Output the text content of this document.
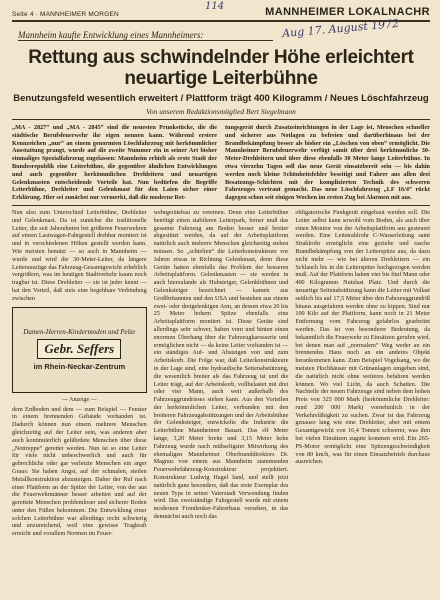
Seite 4 · MANNHEIMER MORGEN	MANNHEIMER LOKALNACHR
114
Aug 17. August 1972
Mannheim kaufte Entwicklung eines Mannheimers:
Rettung aus schwindelnder Höhe erleichtert neuartige Leiterbühne
Benutzungsfeld wesentlich erweitert / Plattform trägt 400 Kilogramm / Neues Löschfahrzeug
Von unserem Redaktionsmitglied Bert Siegelmann

„MA - 2827“ und „MA - 2845“ sind die neuesten Prunkstücke, die die städtische Berufsfeuerwehr ihr eigen nennen kann. Während erstere Kennzeichen „nur“ an einem genormten Löschfahrzeug mit herkömmlicher Ausstattung prangt, wurde auf die zweite Nummer ein in seiner Art bisher einmaliges Spezialfahrzeug zugelassen: Mannheim erhielt als erste Stadt der Bundesrepublik eine Leiterbühne, die gegenüber ähnlichen Entwicklungen und auch gegenüber herkömmlichen Drehleitern und neuartigen Gelenkmasten entscheidende Vorteile hat. Nun bedürfen die Begriffe Leiterbühne, Drehleiter und Gelenkmast für den Laien sicher einer Erklärung. Hier sei zunächst nur vermerkt, daß die moderne Ret-

tungsgerät durch Zusatzeinrichtungen in der Lage ist, Menschen schneller und sicherer aus Notlagen zu befreien und darüberhinaus bei der Brandbekämpfung besser als bisher ein „Löschen von oben“ ermöglicht. Die Mannheimer Berufsfeuerwehr verfügt somit über drei herkömmliche 30-Meter-Drehleitern und über diese ebenfalls 30 Meter lange Leiterbühne. In etwa vierzehn Tagen soll das neue Gerät einsatzbereit sein — bis dahin werden noch kleine Schönheitsfehler beseitigt und Fahrer aus allen drei Besatzungs-Schichten mit der komplizierten Technik des schweren Fahrzeuges vertraut gemacht. Das neue Löschfahrzeug „LF 16/4“ rückt dagegen schon seit einigen Wochen im ersten Zug bei Alarmen mit aus.

Nun also zum Unterschied Leiterbühne, Drehleiter und Gelenkmast. Da ist zunächst die traditionelle Leiter, die seit Jahrzehnten bei größeren Feuerwehren auf einem Lastwagen-Fahrgestell drehbar montiert ist und in verschiedenen Höhen gestellt werden kann. Wie meisten benutzt — so auch in Mannheim — wurde und wird die 30-Meter-Leiter, da längere Leiterauszüge das Fahrzeug-Gesamtgewicht erheblich vergrößern, was im heutigen Stadtverkehr kaum noch tragbar ist. Diese Drehleiter — sie ist jeder kennt — hat den Vorteil, daß stets eine begehbare Verbindung zwischen

Damen-Herren-Kindermoden und Pelze
Gebr. Seffers
im Rhein-Neckar-Zentrum
— Anzeige —

dem Erdboden und dem — zum Beispiel — Fenster in einem brennenden Gebäude vorhanden ist. Dadurch können nun einem mehrere Menschen gleichzeitig auf der Leiter sein, was anderen aber auch kontinuierlich gefährdete Menschen über diese „Nottreppe“ gerettet werden. Nun ist so eine Leiter für viele nicht unbeschwerlich und auch für gebrechliche oder gar verletzte Menschen ein arger Graus: Sie haben Angst, auf der schmalen, steilen Metallkonstruktion abzusteigen. Daher der Ruf nach einer Plattform an der Spitze der Leiter, von der aus die Feuerwehrmänner besser arbeiten und auf der gerettete Menschen problemloser und sicherer Boden unter den Füßen bekommen. Die Entwicklung einer solchen Leiterbühne war allerdings recht schwierig und unzureichend, weil eine gewisse Tragkraft erreicht und vorallem Normen im Feuer-

wehrgerätebau zu vereinen. Denn eine Leiterbühne benötigt einen stabileren Leiterpark, ferner muß das gesamte Fahrzeug am Boden besser und breiter abgestützt werden, da auf der Arbeitsplattform natürlich auch mehrere Menschen gleichzeitig stehen müssen. So „schielten“ die Leiterkonstrukteure vor Jahren etwas in Richtung Gelenkmast, denn diese Geräte hatten ebenfalls das Problem der besseren Arbeitsplattform. Gelenkmasten — sie werden in auch hierzulande als Hubsteiger, Gelenkbühnen und Gelenksteiger bezeichnet — kamen aus Großbritannien und den USA und bestehen aus einem zwei- oder dreigelenkigen Arm, an dessen etwa 20 bis 25 Meter hohem Spitze ebenfalls eine Arbeitsplattform montiert ist. Diese Geräte sind allerdings sehr schwer, haben vorn und hinten einen enormen Überhang über die Fahrzeugkarosserie und ermöglichen nicht — da keine Leiter vorhanden ist — ein ständiges Auf- und Absteigen von und zum Arbeitskorb. Die Folge war, daß Leiterkonstrukteure in der Lage sind, eine hydraulische Seitenabstützung, die wesentlich breiter als das Fahrzeug ist und die Leiter trägt, auf der Arbeitskorb, vollbelastet mit drei oder vier Mann, auch weit außerhalb des Fahrzeuggrundrisses stehen kann. Aus den Vorteilen der herkömmlichen Leiter, verbunden mit den breiteren Fahrzeugabstützungen und der Arbeitsbühne der Gelenksteiger, entwickelte die Industrie die Leiterbühne Mannheimer Bauart. Das elf Meter lange, 3,20 Meter breite und 3,15 Meter hohe Fahrzeug wurde nach mühseligster Mitwirkung des ehemaligen Mannheimer Oberbranddirektors Dr. Magnus von einem aus Mannheim stammenden Feuerwehrfahrzeug-Konstrukteur projektiert. Konstrukteur Ludwig Hagel fand, und stellt jetzt natürlich ganz besonders, daß das erste Exemplar des neuen Typs in seiner Vaterstadt Verwendung finden wird. Das zweiständige Fahrgestell wurde mit einem modernen Frontlenker-Fahrerhaus versehen, in das demnächst auch noch das

obligatorische Funkgerät eingebaut werden soll. Die Leiter selbst kann sowohl vom Boden, als auch über einen Monitor von der Arbeitsplattform aus gesteuert werden. Eine Leitstrahlrohr C-Wasserleitung samt Strahlrohr ermöglicht eine gezielte und rasche Brandbekämpfung von der Leiterspitze aus, da dazu nicht mehr — wie bei älteren Drehleitern — ein Schlauch bis in die Leiterspitze hochgezogen werden muß. Auf der Plattform haben vier bis fünf Mann oder 400 Kilogramm Nutzlast Platz. Und durch die neuartige Seitenabstützung kann die Leiter mit Vollast seitlich bis auf 17,5 Meter über den Fahrzeuggrundriß hinaus ausgefahren werden ohne zu kippen. Sind nur 100 Kilo auf der Plattform, kann noch in 21 Meter Entfernung vom Fahrzeug gefahrlos gearbeitet werden. Das ist von besonderer Bedeutung, da bekanntlich die Feuerwehr zu Einsätzen gerufen wird, bei denen man auf „normalem“ Weg weder an ein brennendes Haus noch an ein anderes Objekt herankommen kann. Zum Beispiel Vogelsang, wo die meisten Hochhäuser mit Grünanlagen umgeben sind, die natürlich nicht ohne weiteres befahren werden können. Wo viel Licht, da auch Schatten. Die Nachteile der neuen Fahrzeuge sind neben dem hohen Preis von 325 000 Mark (herkömmliche Drehleiter: rund 200 000 Mark) vornehmlich in der Verkehrsfähigkeit zu suchen. Zwar ist das Fahrzeug genauso lang wie eine Drehleiter, aber mit einem Gesamtgewicht von 16,4 Tonnen schwerer, was ihm bei vielen Einsätzen zugute kommen wird. Ein 265-PS-Motor ermöglicht eine Spitzengeschwindigkeit von 80 km/h, was für einen Einsatzbetrieb durchaus ausreichen.
